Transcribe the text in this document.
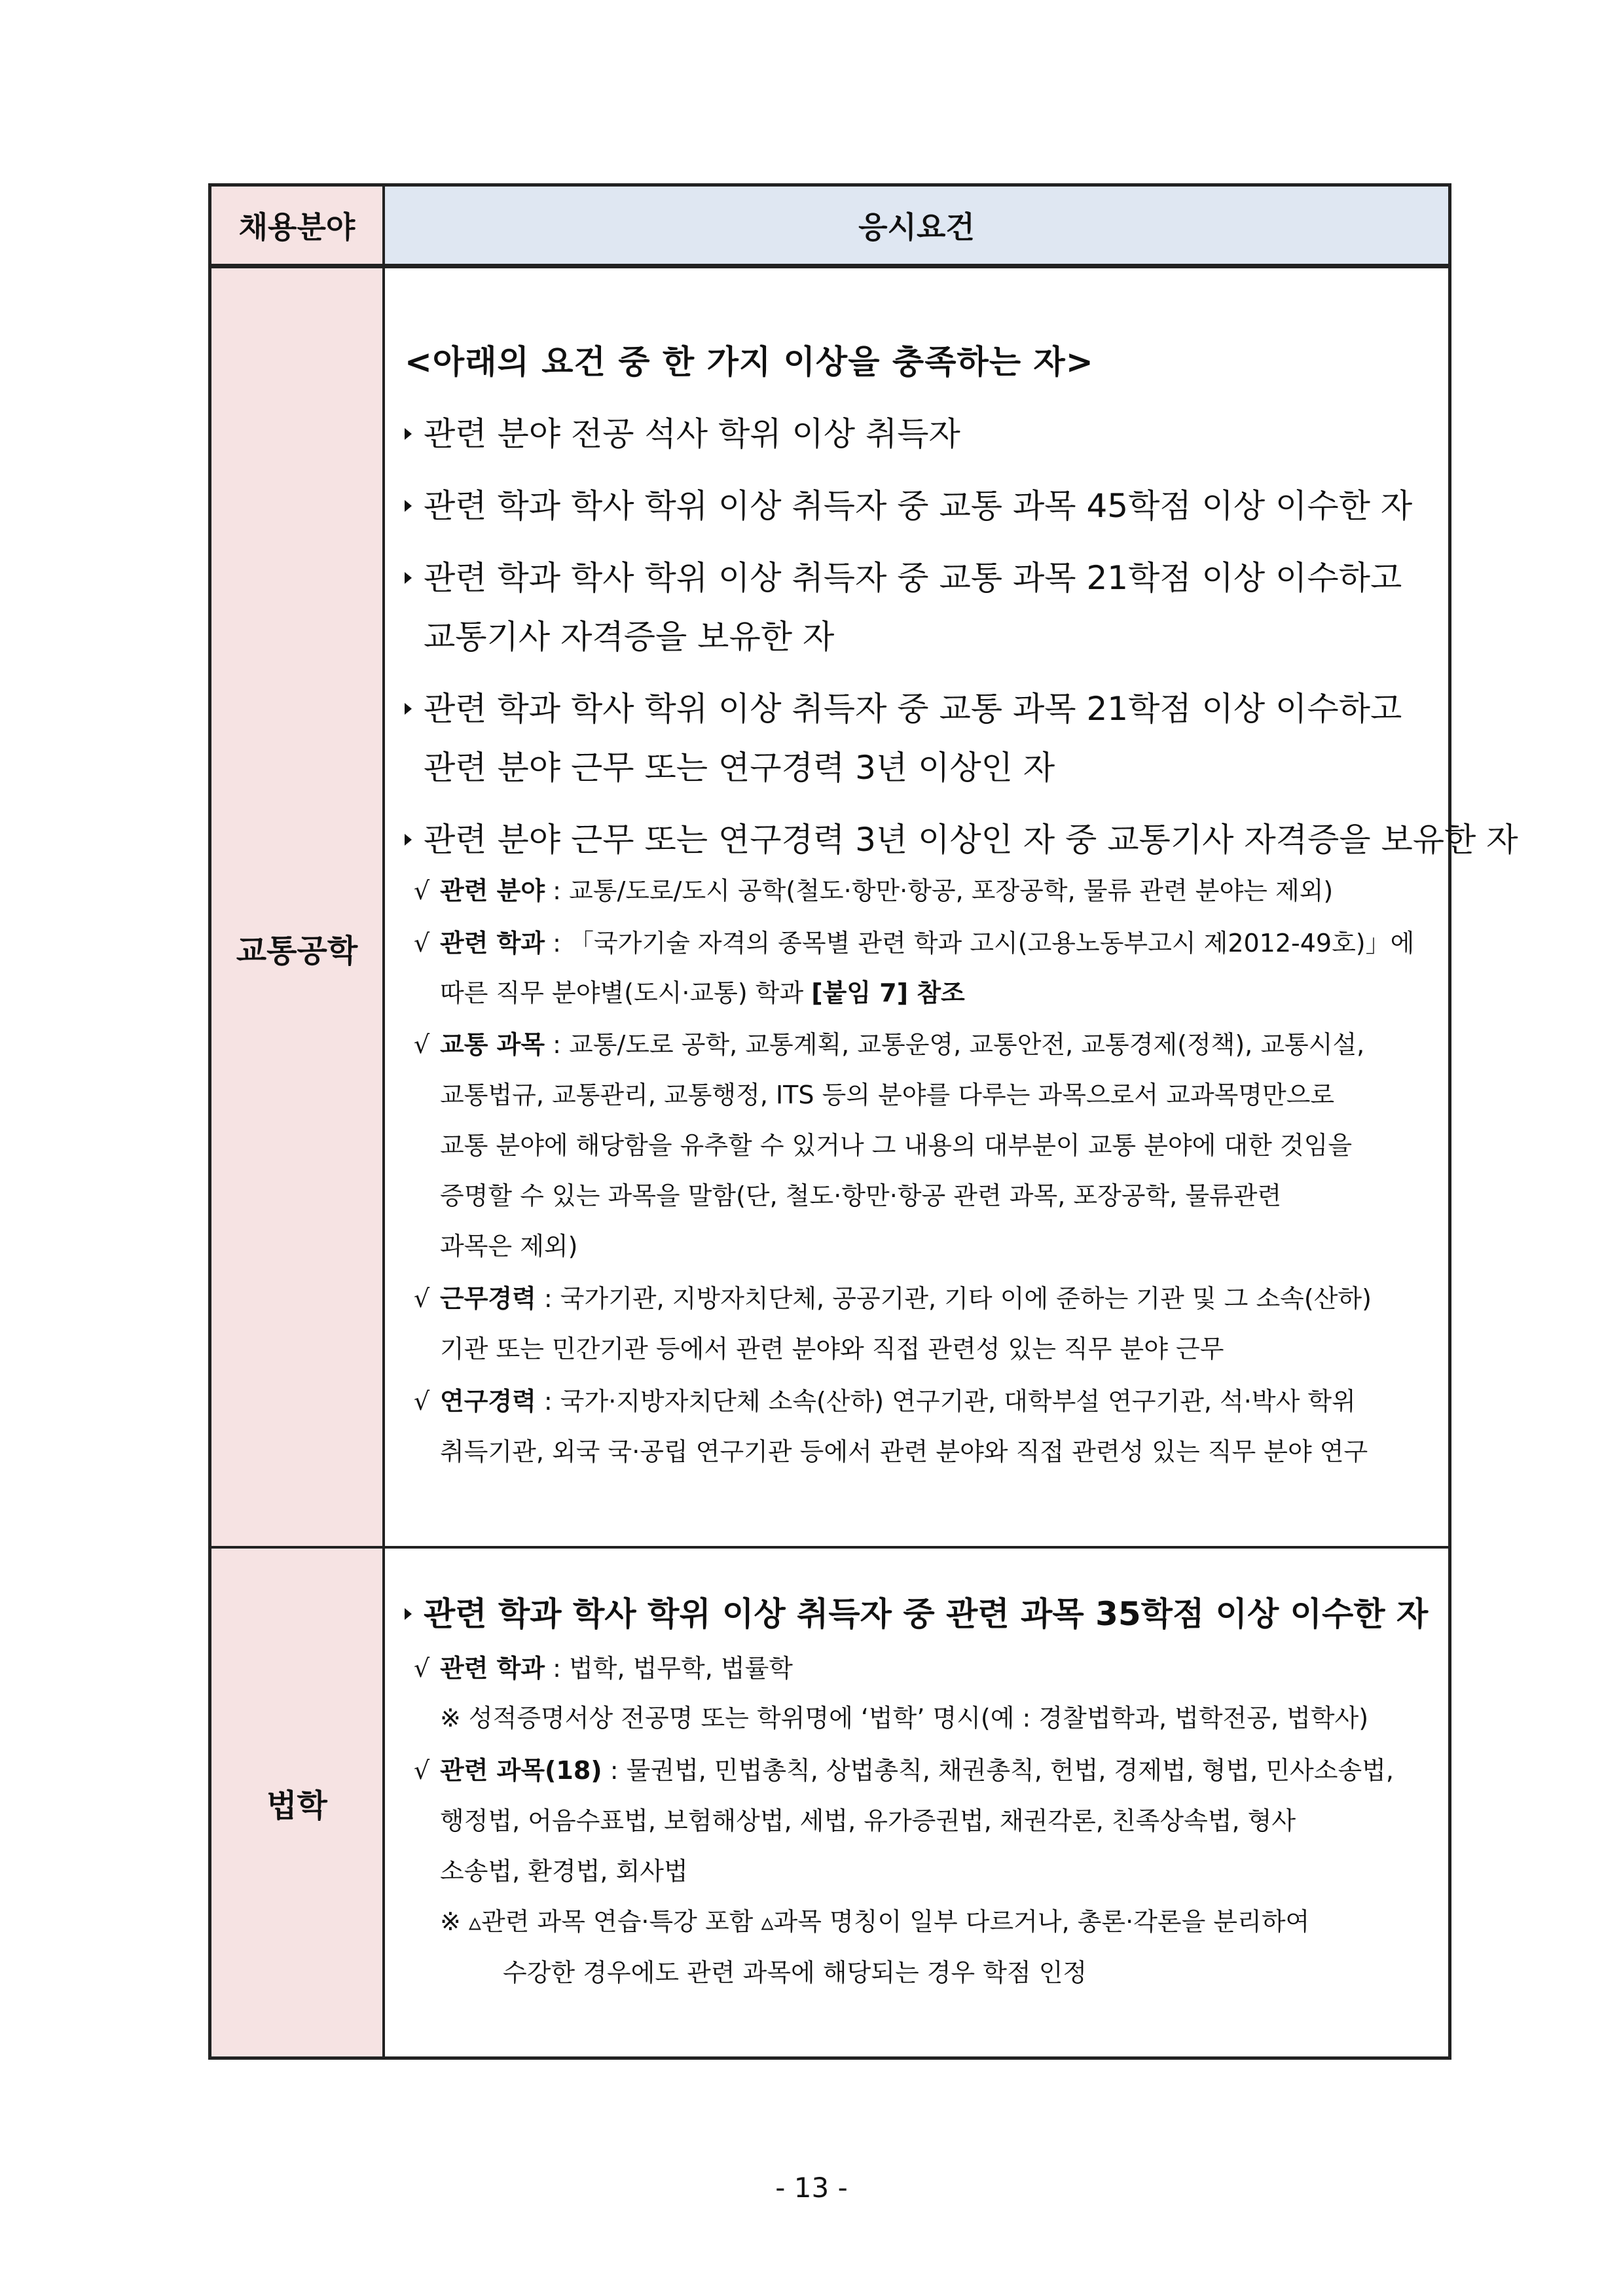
채용분야	응시요건
교통공학
<아래의 요건 중 한 가지 이상을 충족하는 자>
관련 분야 전공 석사 학위 이상 취득자
관련 학과 학사 학위 이상 취득자 중 교통 과목 45학점 이상 이수한 자
관련 학과 학사 학위 이상 취득자 중 교통 과목 21학점 이상 이수하고
교통기사 자격증을 보유한 자
관련 학과 학사 학위 이상 취득자 중 교통 과목 21학점 이상 이수하고
관련 분야 근무 또는 연구경력 3년 이상인 자
관련 분야 근무 또는 연구경력 3년 이상인 자 중 교통기사 자격증을 보유한 자
√ 관련 분야 : 교통/도로/도시 공학(철도·항만·항공, 포장공학, 물류 관련 분야는 제외)
√ 관련 학과 : 「국가기술 자격의 종목별 관련 학과 고시(고용노동부고시 제2012-49호)」에
따른 직무 분야별(도시·교통) 학과 [붙임 7] 참조
√ 교통 과목 : 교통/도로 공학, 교통계획, 교통운영, 교통안전, 교통경제(정책), 교통시설,
교통법규, 교통관리, 교통행정, ITS 등의 분야를 다루는 과목으로서 교과목명만으로
교통 분야에 해당함을 유추할 수 있거나 그 내용의 대부분이 교통 분야에 대한 것임을
증명할 수 있는 과목을 말함(단, 철도·항만·항공 관련 과목, 포장공학, 물류관련
과목은 제외)
√ 근무경력 : 국가기관, 지방자치단체, 공공기관, 기타 이에 준하는 기관 및 그 소속(산하)
기관 또는 민간기관 등에서 관련 분야와 직접 관련성 있는 직무 분야 근무
√ 연구경력 : 국가·지방자치단체 소속(산하) 연구기관, 대학부설 연구기관, 석·박사 학위
취득기관, 외국 국·공립 연구기관 등에서 관련 분야와 직접 관련성 있는 직무 분야 연구
법학
관련 학과 학사 학위 이상 취득자 중 관련 과목 35학점 이상 이수한 자
√ 관련 학과 : 법학, 법무학, 법률학
※ 성적증명서상 전공명 또는 학위명에 ‘법학’ 명시(예 : 경찰법학과, 법학전공, 법학사)
√ 관련 과목(18) : 물권법, 민법총칙, 상법총칙, 채권총칙, 헌법, 경제법, 형법, 민사소송법,
행정법, 어음수표법, 보험해상법, 세법, 유가증권법, 채권각론, 친족상속법, 형사
소송법, 환경법, 회사법
※ ▵관련 과목 연습·특강 포함 ▵과목 명칭이 일부 다르거나, 총론·각론을 분리하여
수강한 경우에도 관련 과목에 해당되는 경우 학점 인정
- 13 -
